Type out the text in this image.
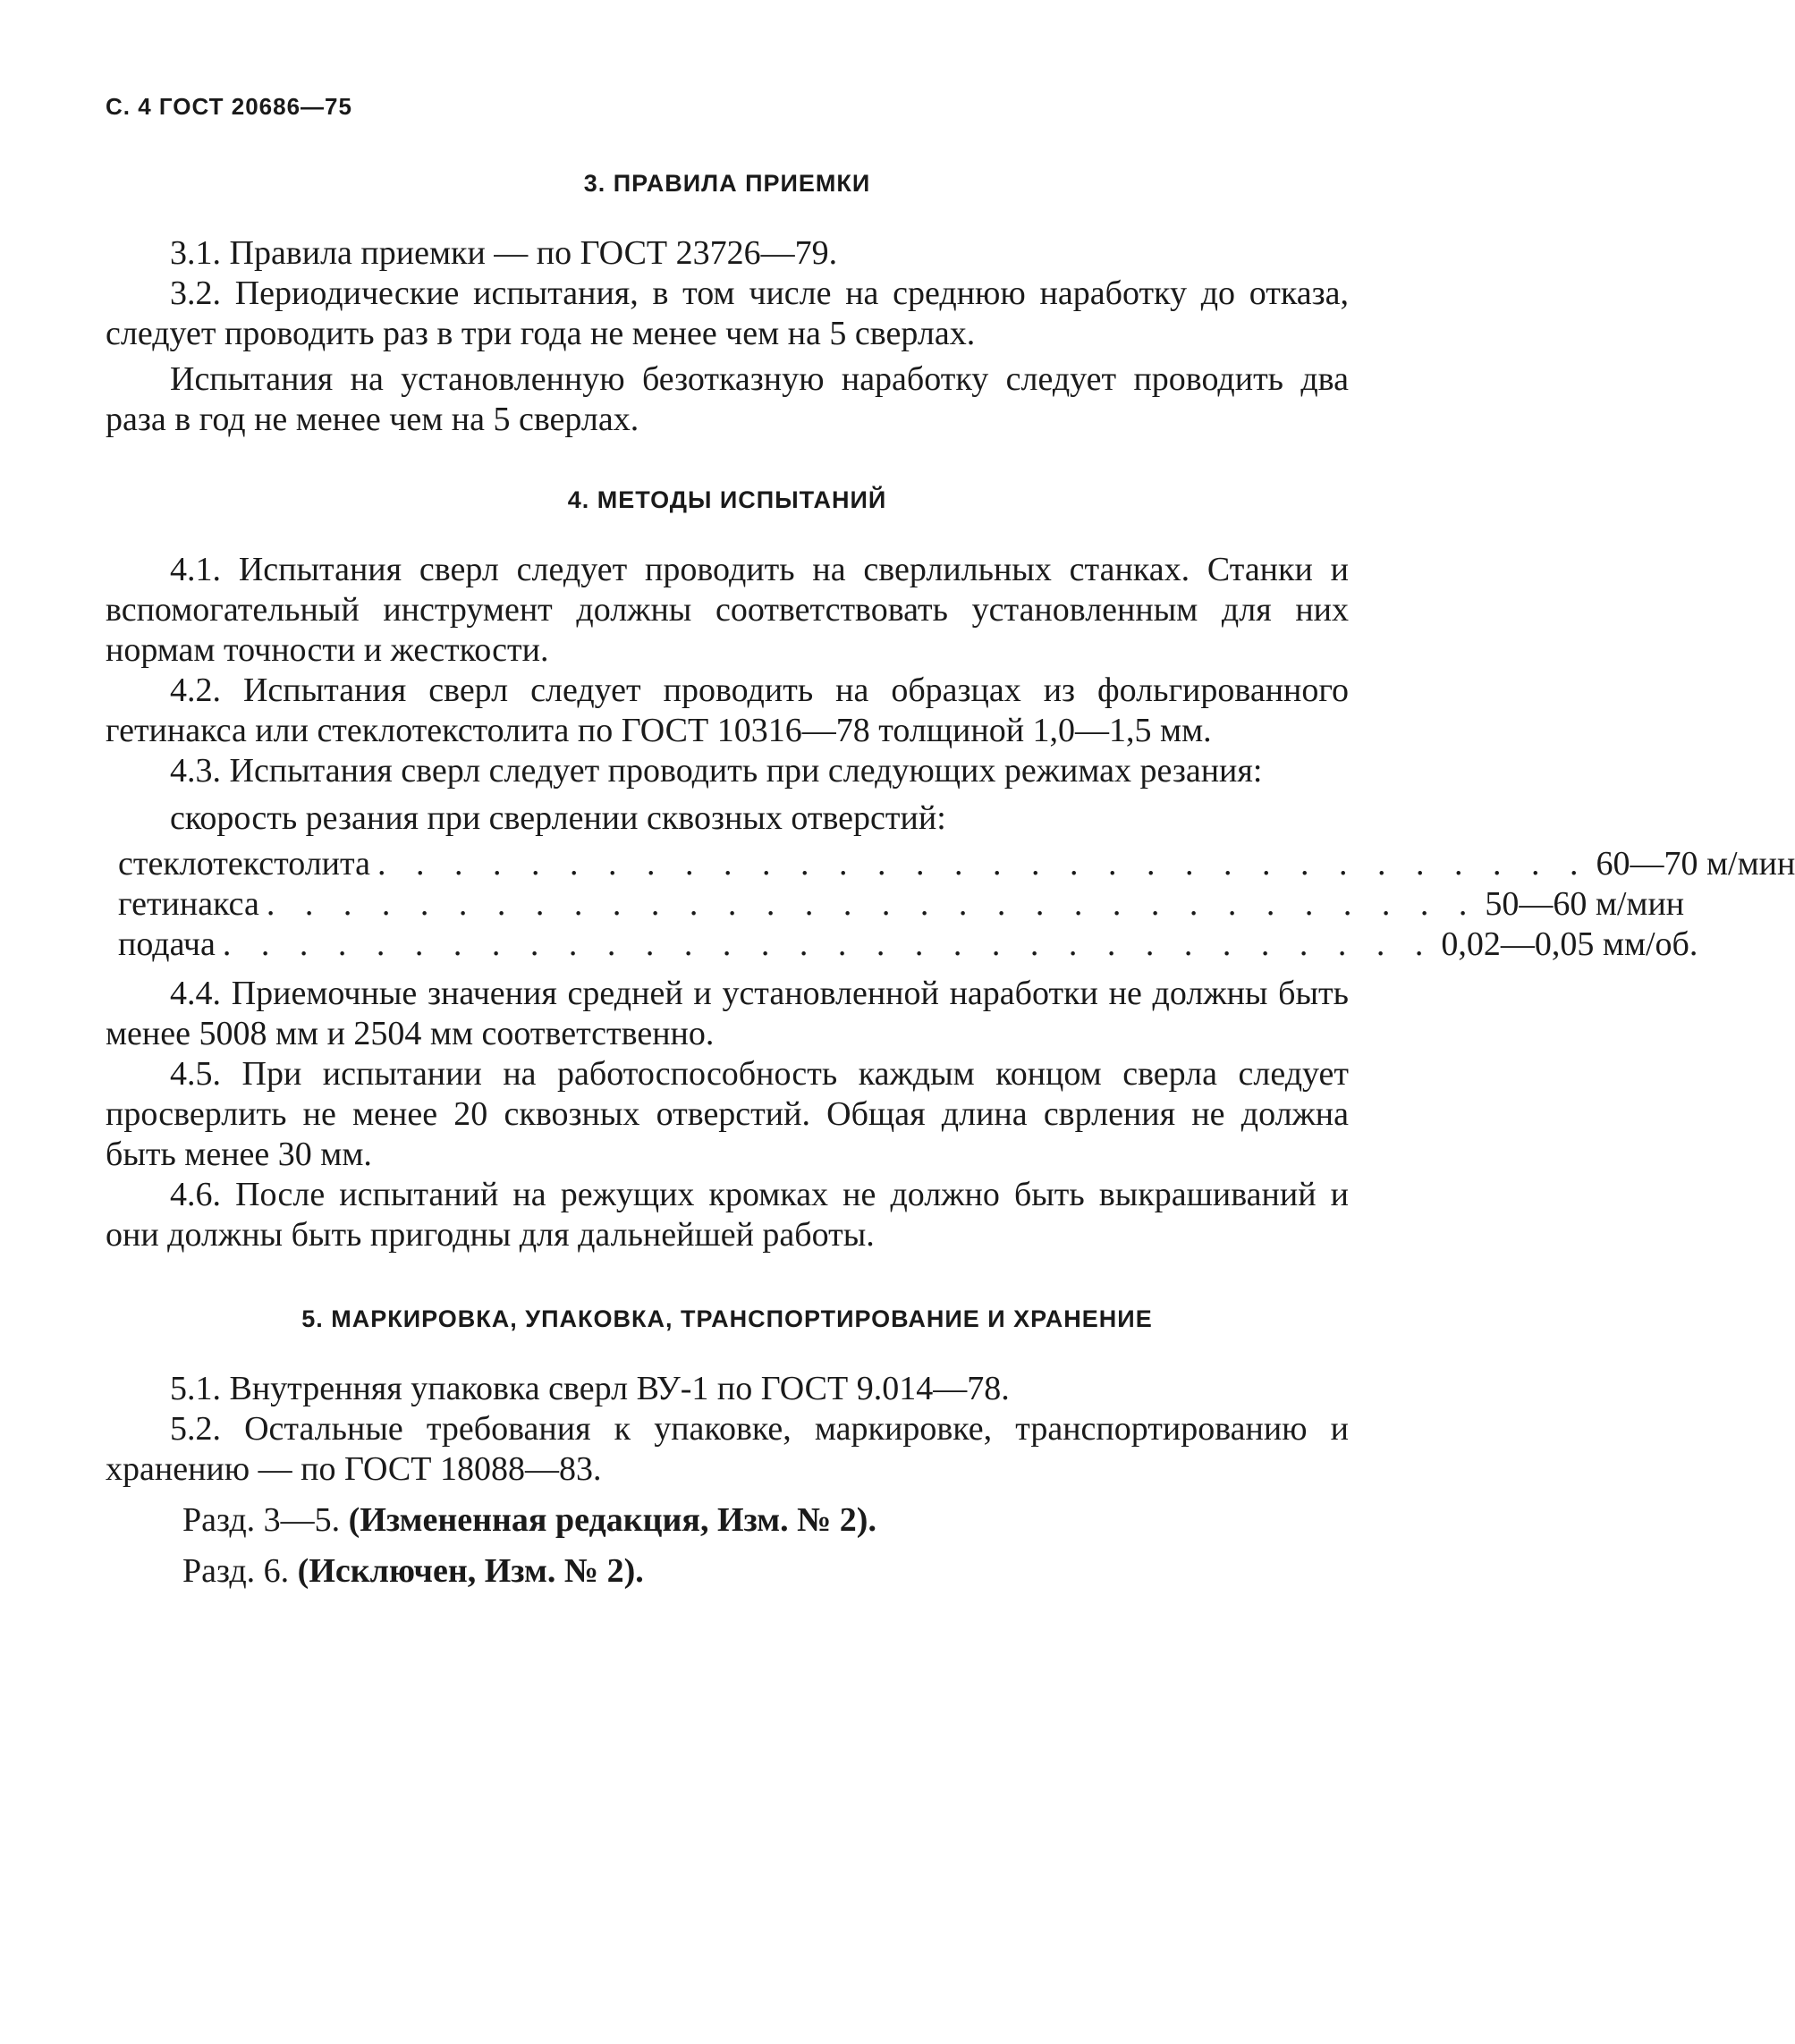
С. 4 ГОСТ 20686—75
3. ПРАВИЛА ПРИЕМКИ

3.1. Правила приемки — по ГОСТ 23726—79.

3.2. Периодические испытания, в том числе на среднюю наработку до отказа, следует проводить раз в три года не менее чем на 5 сверлах.

Испытания на установленную безотказную наработку следует проводить два раза в год не менее чем на 5 сверлах.

4. МЕТОДЫ ИСПЫТАНИЙ

4.1. Испытания сверл следует проводить на сверлильных станках. Станки и вспомогательный инструмент должны соответствовать установленным для них нормам точности и жесткости.

4.2. Испытания сверл следует проводить на образцах из фольгированного гетинакса или стеклотекстолита по ГОСТ 10316—78 толщиной 1,0—1,5 мм.

4.3. Испытания сверл следует проводить при следующих режимах резания:

скорость резания при сверлении сквозных отверстий:

стеклотекстолита . . . . . . . . . . . . . . . . . . . . . . . . . . . . . . . . 60—70 м/мин
гетинакса . . . . . . . . . . . . . . . . . . . . . . . . . . . . . . . . 50—60 м/мин
подача . . . . . . . . . . . . . . . . . . . . . . . . . . . . . . . . 0,02—0,05 мм/об.

4.4. Приемочные значения средней и установленной наработки не должны быть менее 5008 мм и 2504 мм соответственно.

4.5. При испытании на работоспособность каждым концом сверла следует просверлить не менее 20 сквозных отверстий. Общая длина сврления не должна быть менее 30 мм.

4.6. После испытаний на режущих кромках не должно быть выкрашиваний и они должны быть пригодны для дальнейшей работы.

5. МАРКИРОВКА, УПАКОВКА, ТРАНСПОРТИРОВАНИЕ И ХРАНЕНИЕ

5.1. Внутренняя упаковка сверл ВУ-1 по ГОСТ 9.014—78.

5.2. Остальные требования к упаковке, маркировке, транспортированию и хранению — по ГОСТ 18088—83.

Разд. 3—5. (Измененная редакция, Изм. № 2).

Разд. 6. (Исключен, Изм. № 2).
